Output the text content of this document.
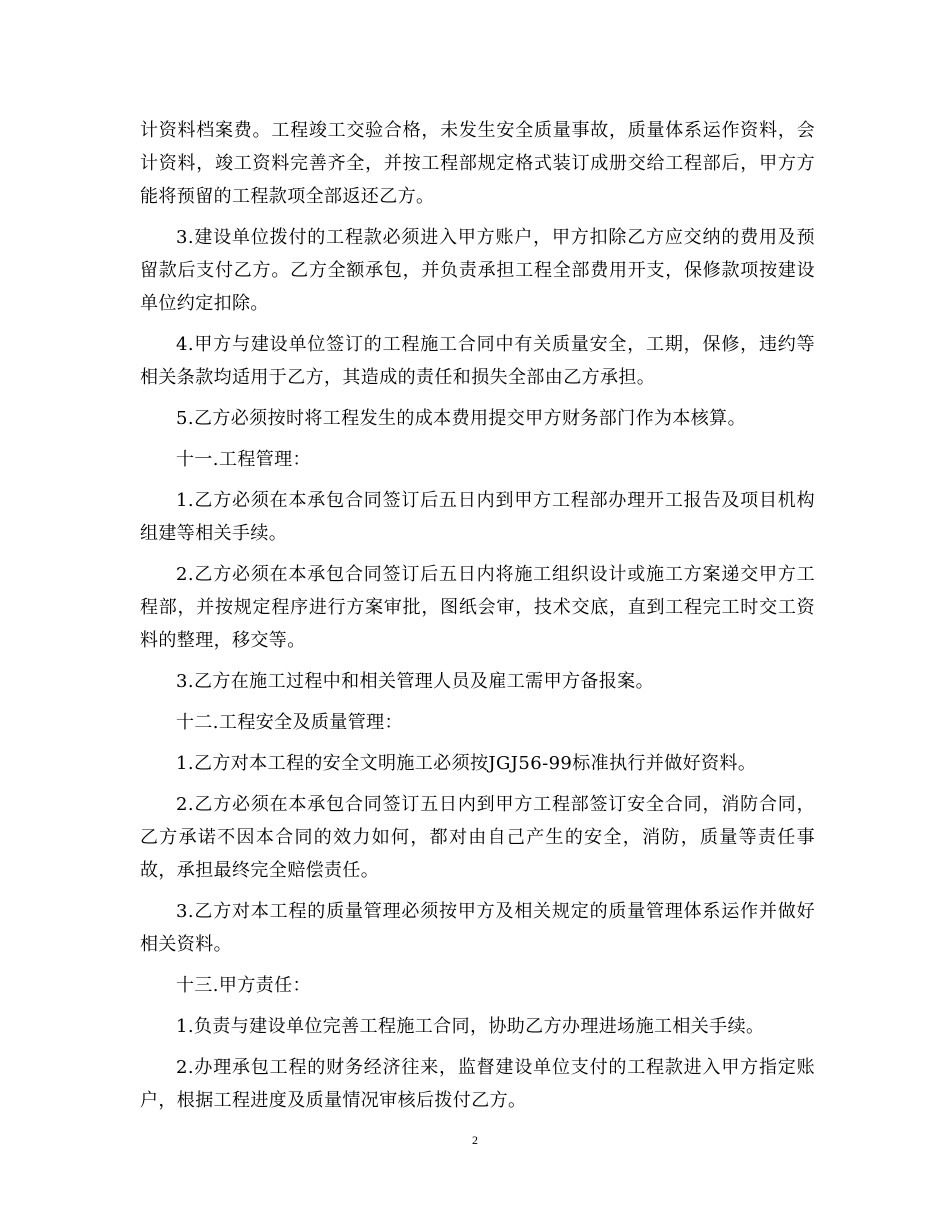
计资料档案费。工程竣工交验合格，未发生安全质量事故，质量体系运作资料，会计资料，竣工资料完善齐全，并按工程部规定格式装订成册交给工程部后，甲方方能将预留的工程款项全部返还乙方。

3.建设单位拨付的工程款必须进入甲方账户，甲方扣除乙方应交纳的费用及预留款后支付乙方。乙方全额承包，并负责承担工程全部费用开支，保修款项按建设单位约定扣除。

4.甲方与建设单位签订的工程施工合同中有关质量安全，工期，保修，违约等相关条款均适用于乙方，其造成的责任和损失全部由乙方承担。

5.乙方必须按时将工程发生的成本费用提交甲方财务部门作为本核算。

十一.工程管理：

1.乙方必须在本承包合同签订后五日内到甲方工程部办理开工报告及项目机构组建等相关手续。

2.乙方必须在本承包合同签订后五日内将施工组织设计或施工方案递交甲方工程部，并按规定程序进行方案审批，图纸会审，技术交底，直到工程完工时交工资料的整理，移交等。

3.乙方在施工过程中和相关管理人员及雇工需甲方备报案。

十二.工程安全及质量管理：

1.乙方对本工程的安全文明施工必须按JGJ56-99标准执行并做好资料。

2.乙方必须在本承包合同签订五日内到甲方工程部签订安全合同，消防合同，乙方承诺不因本合同的效力如何，都对由自己产生的安全，消防，质量等责任事故，承担最终完全赔偿责任。

3.乙方对本工程的质量管理必须按甲方及相关规定的质量管理体系运作并做好相关资料。

十三.甲方责任：

1.负责与建设单位完善工程施工合同，协助乙方办理进场施工相关手续。

2.办理承包工程的财务经济往来，监督建设单位支付的工程款进入甲方指定账户，根据工程进度及质量情况审核后拨付乙方。

2
